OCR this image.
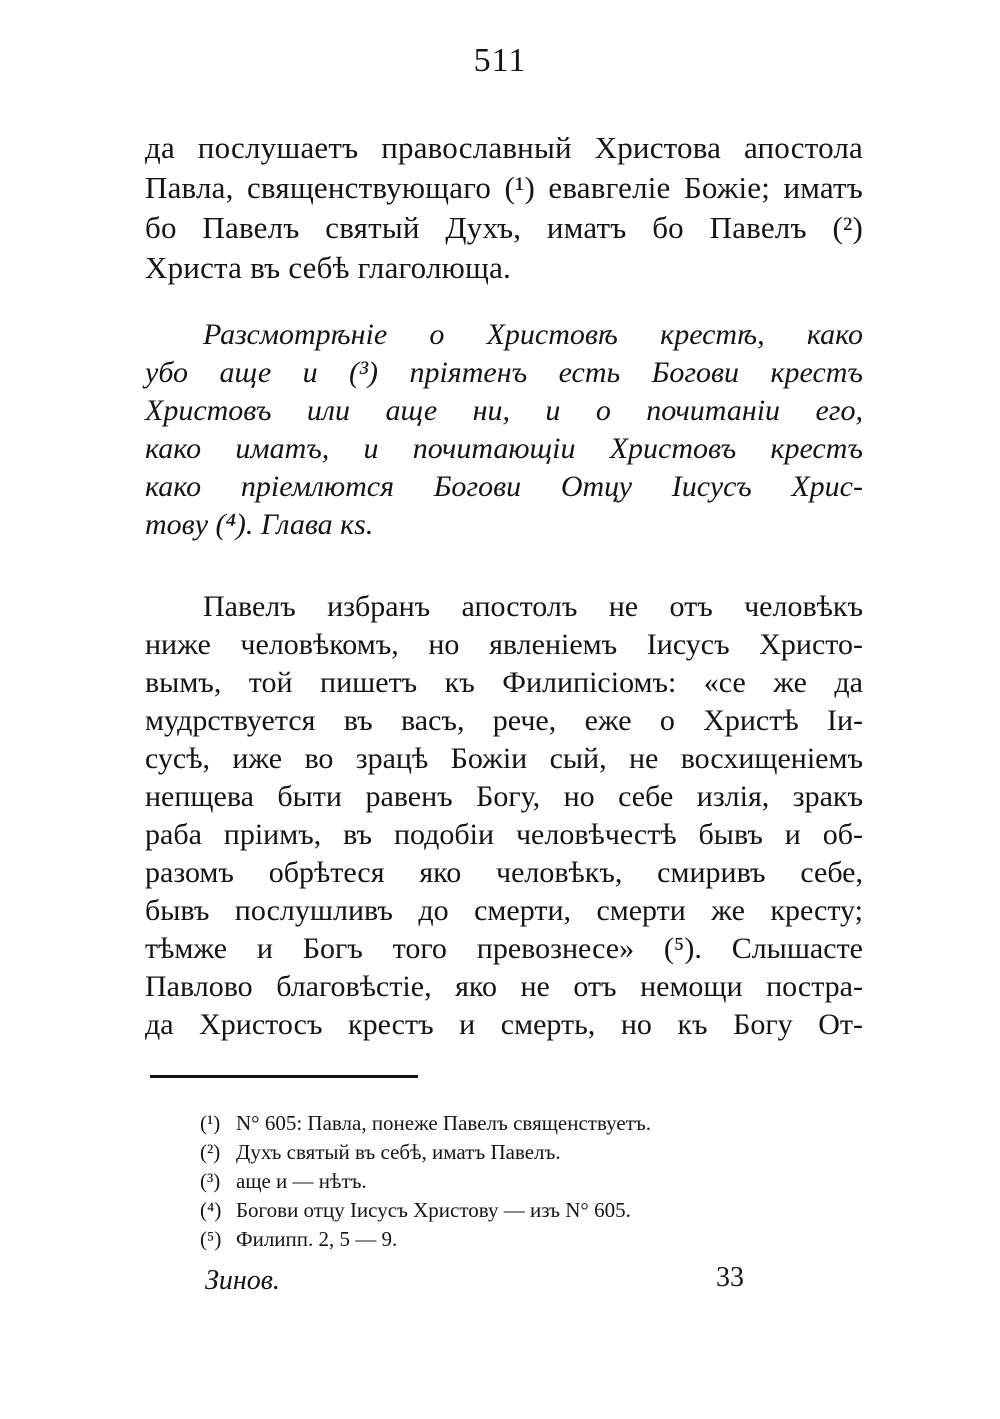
511
да послушаетъ православный Христова апостола
Павла, священствующаго (¹) евавгеліе Божіе; иматъ
бо Павелъ святый Духъ, иматъ бо Павелъ (²)
Христа въ себѣ глаголюща.
Разсмотрѣніе о Христовѣ крестѣ, како
убо аще и (³) пріятенъ есть Богови крестъ
Христовъ или аще ни, и о почитаніи его,
како иматъ, и почитающіи Христовъ крестъ
како пріемлются Богови Отцу Іисусъ Хрис-
тову (⁴). Глава кѕ.
Павелъ избранъ апостолъ не отъ человѣкъ
ниже человѣкомъ, но явленіемъ Іисусъ Христо-
вымъ, той пишетъ къ Филипісіомъ: «се же да
мудрствуется въ васъ, рече, еже о Христѣ Іи-
сусѣ, иже во зрацѣ Божіи сый, не восхищеніемъ
непщева быти равенъ Богу, но себе излія, зракъ
раба пріимъ, въ подобіи человѣчестѣ бывъ и об-
разомъ обрѣтеся яко человѣкъ, смиривъ себе,
бывъ послушливъ до смерти, смерти же кресту;
тѣмже и Богъ того превознесе» (⁵). Слышасте
Павлово благовѣстіе, яко не отъ немощи пострa-
да Христосъ крестъ и смерть, но къ Богу От-
(¹) N° 605: Павла, понеже Павелъ священствуетъ.
(²) Духъ святый въ себѣ, иматъ Павелъ.
(³) аще и — нѣтъ.
(⁴) Богови отцу Іисусъ Христову — изъ N° 605.
(⁵) Филипп. 2, 5 — 9.
Зинов.	33
